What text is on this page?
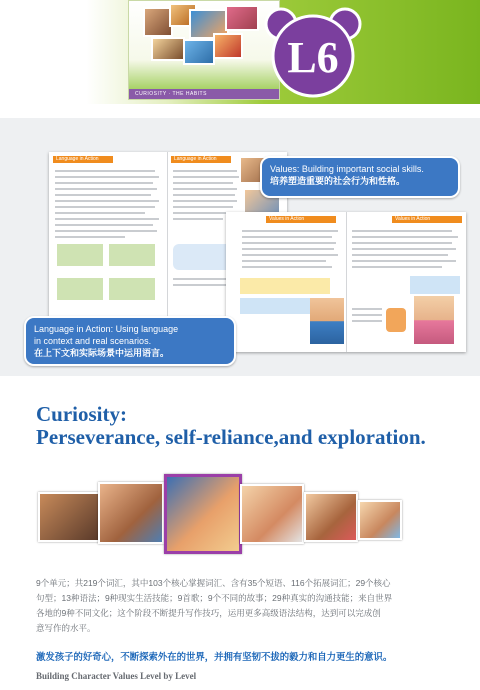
CURIOSITY · THE HABITS
L6
Language in Action	Language in Action
Values in Action	Values in Action
Values: Building important social skills.
培养塑造重要的社会行为和性格。
Language in Action: Using language
in context and real scenarios.
在上下文和实际场景中运用语言。
Curiosity:
Perseverance, self-reliance,and exploration.
9个单元；共219个词汇，其中103个核心掌握词汇、含有35个短语、116个拓展词汇；29个核心
句型；13种语法；9种现实生活技能；9首歌；9个不同的故事；29种真实的沟通技能；来自世界
各地的9种不同文化；这个阶段不断提升写作技巧，运用更多高级语法结构，达到可以完成创
意写作的水平。
激发孩子的好奇心，不断探索外在的世界，并拥有坚韧不拔的毅力和自力更生的意识。
Building Character Values Level by Level
